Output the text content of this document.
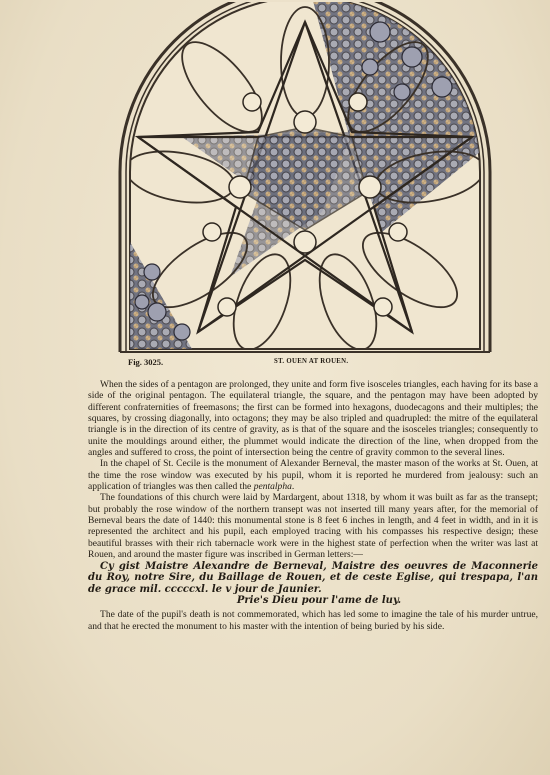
Fig. 3025.	ST. OUEN AT ROUEN.

When the sides of a pentagon are prolonged, they unite and form five isosceles triangles, each having for its base a side of the original pentagon. The equilateral triangle, the square, and the pentagon may have been adopted by different confraternities of freemasons; the first can be formed into hexagons, duodecagons and their multiples; the squares, by crossing diagonally, into octagons; they may be also tripled and quadrupled: the mitre of the equilateral triangle is in the direction of its centre of gravity, as is that of the square and the isosceles triangles; consequently to unite the mouldings around either, the plummet would indicate the direction of the line, when dropped from the angles and suffered to cross, the point of intersection being the centre of gravity common to the several lines.

In the chapel of St. Cecile is the monument of Alexander Berneval, the master mason of the works at St. Ouen, at the time the rose window was executed by his pupil, whom it is reported he murdered from jealousy: such an application of triangles was then called the pentalpha.

The foundations of this church were laid by Mardargent, about 1318, by whom it was built as far as the transept; but probably the rose window of the northern transept was not inserted till many years after, for the memorial of Berneval bears the date of 1440: this monumental stone is 8 feet 6 inches in length, and 4 feet in width, and in it is represented the architect and his pupil, each employed tracing with his compasses his respective design; these beautiful brasses with their rich tabernacle work were in the highest state of perfection when the writer was last at Rouen, and around the master figure was inscribed in German letters:—

Cy gist Maistre Alexandre de Berneval, Maistre des oeuvres de Maconnerie du Roy, notre Sire, du Baillage de Rouen, et de ceste Eglise, qui trespapa, l'an de grace mil. cccccxl. le v jour de Jaunier.

Prie's Dieu pour l'ame de luy.

The date of the pupil's death is not commemorated, which has led some to imagine the tale of his murder untrue, and that he erected the monument to his master with the intention of being buried by his side.
